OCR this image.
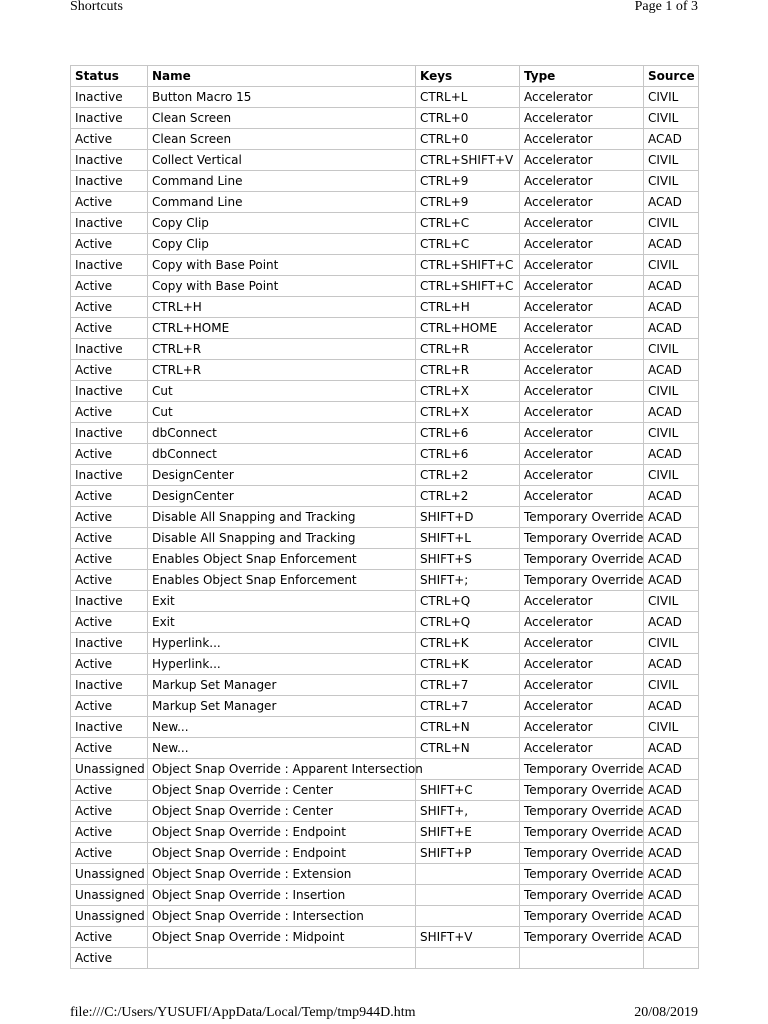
Shortcuts	Page 1 of 3
Status	Name	Keys	Type	Source
Inactive	Button Macro 15	CTRL+L	Accelerator	CIVIL
Inactive	Clean Screen	CTRL+0	Accelerator	CIVIL
Active	Clean Screen	CTRL+0	Accelerator	ACAD
Inactive	Collect Vertical	CTRL+SHIFT+V	Accelerator	CIVIL
Inactive	Command Line	CTRL+9	Accelerator	CIVIL
Active	Command Line	CTRL+9	Accelerator	ACAD
Inactive	Copy Clip	CTRL+C	Accelerator	CIVIL
Active	Copy Clip	CTRL+C	Accelerator	ACAD
Inactive	Copy with Base Point	CTRL+SHIFT+C	Accelerator	CIVIL
Active	Copy with Base Point	CTRL+SHIFT+C	Accelerator	ACAD
Active	CTRL+H	CTRL+H	Accelerator	ACAD
Active	CTRL+HOME	CTRL+HOME	Accelerator	ACAD
Inactive	CTRL+R	CTRL+R	Accelerator	CIVIL
Active	CTRL+R	CTRL+R	Accelerator	ACAD
Inactive	Cut	CTRL+X	Accelerator	CIVIL
Active	Cut	CTRL+X	Accelerator	ACAD
Inactive	dbConnect	CTRL+6	Accelerator	CIVIL
Active	dbConnect	CTRL+6	Accelerator	ACAD
Inactive	DesignCenter	CTRL+2	Accelerator	CIVIL
Active	DesignCenter	CTRL+2	Accelerator	ACAD
Active	Disable All Snapping and Tracking	SHIFT+D	Temporary Override	ACAD
Active	Disable All Snapping and Tracking	SHIFT+L	Temporary Override	ACAD
Active	Enables Object Snap Enforcement	SHIFT+S	Temporary Override	ACAD
Active	Enables Object Snap Enforcement	SHIFT+;	Temporary Override	ACAD
Inactive	Exit	CTRL+Q	Accelerator	CIVIL
Active	Exit	CTRL+Q	Accelerator	ACAD
Inactive	Hyperlink...	CTRL+K	Accelerator	CIVIL
Active	Hyperlink...	CTRL+K	Accelerator	ACAD
Inactive	Markup Set Manager	CTRL+7	Accelerator	CIVIL
Active	Markup Set Manager	CTRL+7	Accelerator	ACAD
Inactive	New...	CTRL+N	Accelerator	CIVIL
Active	New...	CTRL+N	Accelerator	ACAD
Unassigned	Object Snap Override : Apparent Intersection		Temporary Override	ACAD
Active	Object Snap Override : Center	SHIFT+C	Temporary Override	ACAD
Active	Object Snap Override : Center	SHIFT+,	Temporary Override	ACAD
Active	Object Snap Override : Endpoint	SHIFT+E	Temporary Override	ACAD
Active	Object Snap Override : Endpoint	SHIFT+P	Temporary Override	ACAD
Unassigned	Object Snap Override : Extension		Temporary Override	ACAD
Unassigned	Object Snap Override : Insertion		Temporary Override	ACAD
Unassigned	Object Snap Override : Intersection		Temporary Override	ACAD
Active	Object Snap Override : Midpoint	SHIFT+V	Temporary Override	ACAD
Active				
file:///C:/Users/YUSUFI/AppData/Local/Temp/tmp944D.htm	20/08/2019
